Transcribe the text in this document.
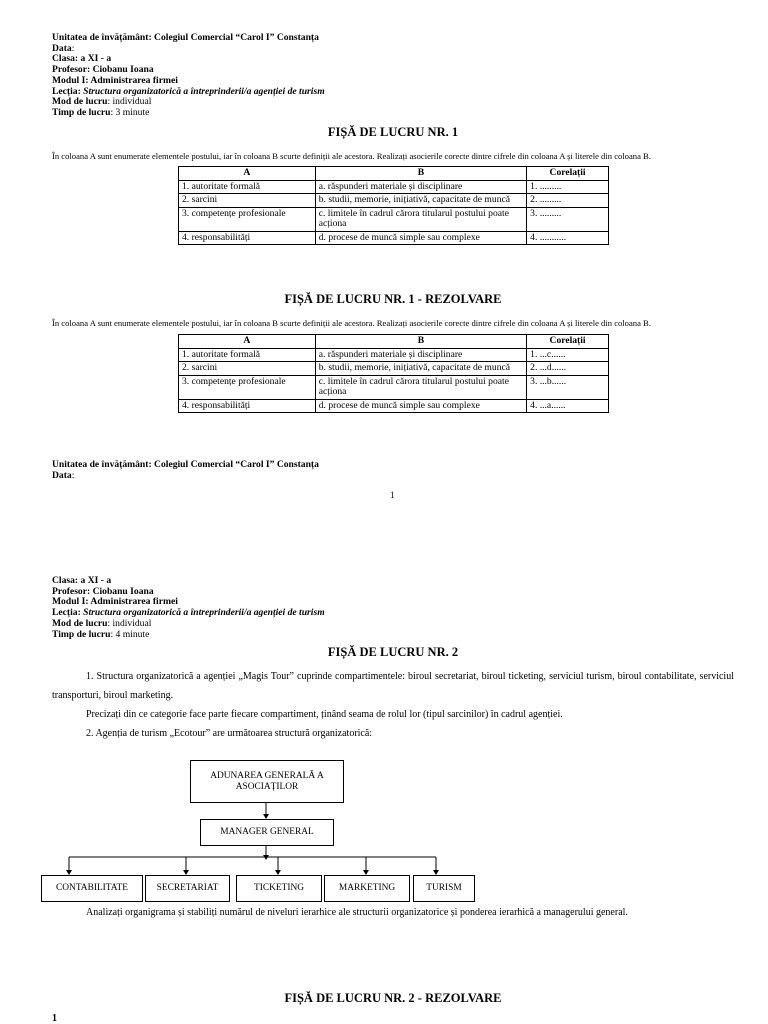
Unitatea de învățământ: Colegiul Comercial “Carol I” Constanța
Data:
Clasa: a XI - a
Profesor: Ciobanu Ioana
Modul I: Administrarea firmei
Lecția: Structura organizatorică a întreprinderii/a agenției de turism
Mod de lucru: individual
Timp de lucru: 3 minute
FIȘĂ DE LUCRU NR. 1
În coloana A sunt enumerate elementele postului, iar în coloana B scurte definiții ale acestora. Realizați asocierile corecte dintre cifrele din coloana A și literele din coloana B.
A	B	Corelații
1. autoritate formală	a. răspunderi materiale și disciplinare	1. .........
2. sarcini	b. studii, memorie, inițiativă, capacitate de muncă	2. .........
3. competențe profesionale	c. limitele în cadrul cărora titularul postului poate acționa	3. .........
4. responsabilități	d. procese de muncă simple sau complexe	4. ...........
FIȘĂ DE LUCRU NR. 1 - REZOLVARE
În coloana A sunt enumerate elementele postului, iar în coloana B scurte definiții ale acestora. Realizați asocierile corecte dintre cifrele din coloana A și literele din coloana B.
A	B	Corelații
1. autoritate formală	a. răspunderi materiale și disciplinare	1. ...c......
2. sarcini	b. studii, memorie, inițiativă, capacitate de muncă	2. ...d......
3. competențe profesionale	c. limitele în cadrul cărora titularul postului poate acționa	3. ...b......
4. responsabilități	d. procese de muncă simple sau complexe	4. ...a......
Unitatea de învățământ: Colegiul Comercial “Carol I” Constanța
Data:
1
Clasa: a XI - a
Profesor: Ciobanu Ioana
Modul I: Administrarea firmei
Lecția: Structura organizatorică a întreprinderii/a agenției de turism
Mod de lucru: individual
Timp de lucru: 4 minute
FIȘĂ DE LUCRU NR. 2

1. Structura organizatorică a agenției „Magis Tour” cuprinde compartimentele: biroul secretariat, biroul ticketing, serviciul turism, biroul contabilitate, serviciul transporturi, biroul marketing.

Precizați din ce categorie face parte fiecare compartiment, ținând seama de rolul lor (tipul sarcinilor) în cadrul agenției.

2. Agenția de turism „Ecotour” are următoarea structură organizatorică:

ADUNAREA GENERALĂ A ASOCIAȚILOR
MANAGER GENERAL
CONTABILITATE	SECRETARIAT	TICKETING	MARKETING	TURISM

Analizați organigrama și stabiliți numărul de niveluri ierarhice ale structurii organizatorice și ponderea ierarhică a managerului general.

FIȘĂ DE LUCRU NR. 2 - REZOLVARE
1
